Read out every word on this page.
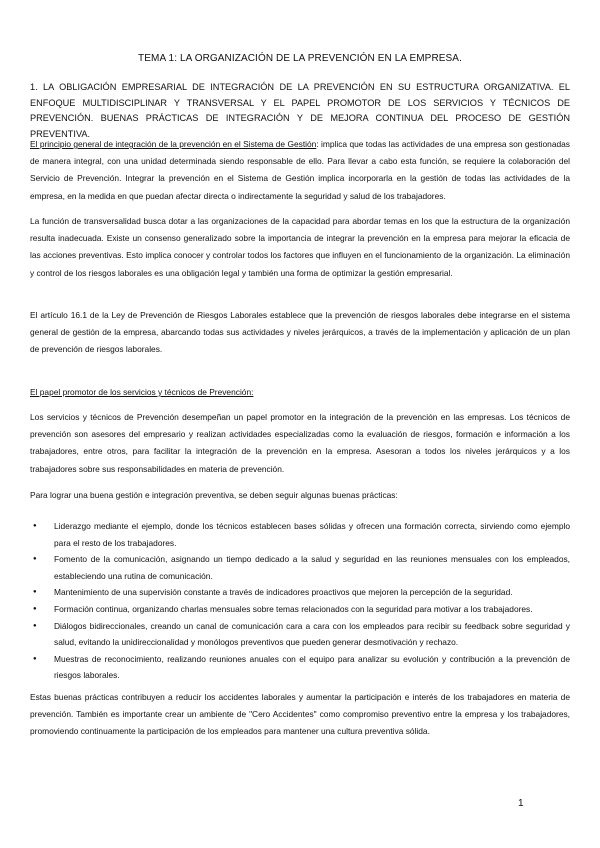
TEMA 1: LA ORGANIZACIÓN DE LA PREVENCIÓN EN LA EMPRESA.
1. LA OBLIGACIÓN EMPRESARIAL DE INTEGRACIÓN DE LA PREVENCIÓN EN SU ESTRUCTURA ORGANIZATIVA. EL ENFOQUE MULTIDISCIPLINAR Y TRANSVERSAL Y EL PAPEL PROMOTOR DE LOS SERVICIOS Y TÉCNICOS DE PREVENCIÓN. BUENAS PRÁCTICAS DE INTEGRACIÓN Y DE MEJORA CONTINUA DEL PROCESO DE GESTIÓN PREVENTIVA.

El principio general de integración de la prevención en el Sistema de Gestión: implica que todas las actividades de una empresa son gestionadas de manera integral, con una unidad determinada siendo responsable de ello. Para llevar a cabo esta función, se requiere la colaboración del Servicio de Prevención. Integrar la prevención en el Sistema de Gestión implica incorporarla en la gestión de todas las actividades de la empresa, en la medida en que puedan afectar directa o indirectamente la seguridad y salud de los trabajadores.

La función de transversalidad busca dotar a las organizaciones de la capacidad para abordar temas en los que la estructura de la organización resulta inadecuada. Existe un consenso generalizado sobre la importancia de integrar la prevención en la empresa para mejorar la eficacia de las acciones preventivas. Esto implica conocer y controlar todos los factores que influyen en el funcionamiento de la organización. La eliminación y control de los riesgos laborales es una obligación legal y también una forma de optimizar la gestión empresarial.

El artículo 16.1 de la Ley de Prevención de Riesgos Laborales establece que la prevención de riesgos laborales debe integrarse en el sistema general de gestión de la empresa, abarcando todas sus actividades y niveles jerárquicos, a través de la implementación y aplicación de un plan de prevención de riesgos laborales.

El papel promotor de los servicios y técnicos de Prevención:

Los servicios y técnicos de Prevención desempeñan un papel promotor en la integración de la prevención en las empresas. Los técnicos de prevención son asesores del empresario y realizan actividades especializadas como la evaluación de riesgos, formación e información a los trabajadores, entre otros, para facilitar la integración de la prevención en la empresa. Asesoran a todos los niveles jerárquicos y a los trabajadores sobre sus responsabilidades en materia de prevención.

Para lograr una buena gestión e integración preventiva, se deben seguir algunas buenas prácticas:

● Liderazgo mediante el ejemplo, donde los técnicos establecen bases sólidas y ofrecen una formación correcta, sirviendo como ejemplo para el resto de los trabajadores.
● Fomento de la comunicación, asignando un tiempo dedicado a la salud y seguridad en las reuniones mensuales con los empleados, estableciendo una rutina de comunicación.
● Mantenimiento de una supervisión constante a través de indicadores proactivos que mejoren la percepción de la seguridad.
● Formación continua, organizando charlas mensuales sobre temas relacionados con la seguridad para motivar a los trabajadores.
● Diálogos bidireccionales, creando un canal de comunicación cara a cara con los empleados para recibir su feedback sobre seguridad y salud, evitando la unidireccionalidad y monólogos preventivos que pueden generar desmotivación y rechazo.
● Muestras de reconocimiento, realizando reuniones anuales con el equipo para analizar su evolución y contribución a la prevención de riesgos laborales.

Estas buenas prácticas contribuyen a reducir los accidentes laborales y aumentar la participación e interés de los trabajadores en materia de prevención. También es importante crear un ambiente de "Cero Accidentes" como compromiso preventivo entre la empresa y los trabajadores, promoviendo continuamente la participación de los empleados para mantener una cultura preventiva sólida.

1
